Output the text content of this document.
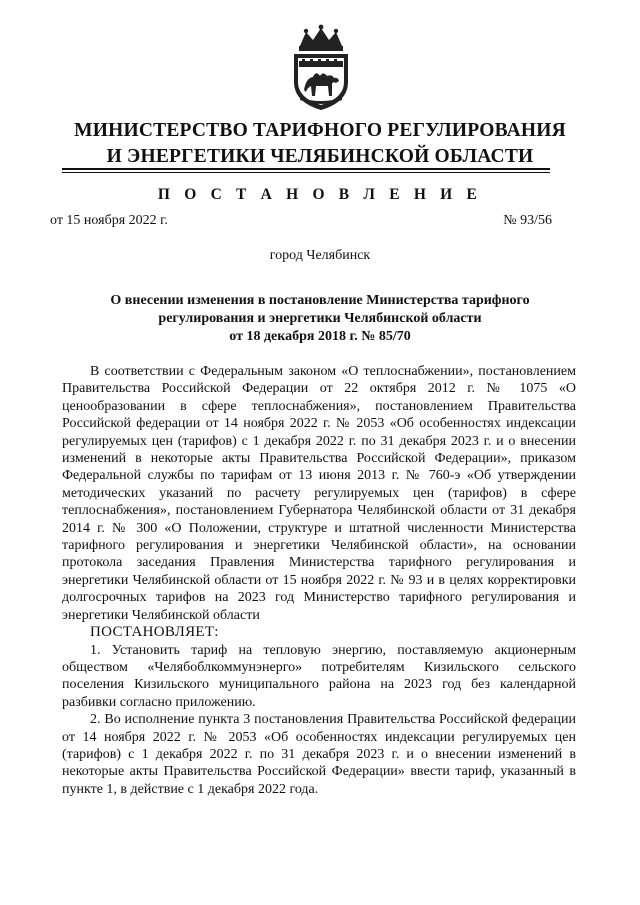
МИНИСТЕРСТВО ТАРИФНОГО РЕГУЛИРОВАНИЯ
И ЭНЕРГЕТИКИ ЧЕЛЯБИНСКОЙ ОБЛАСТИ
П О С Т А Н О В Л Е Н И Е
от 15 ноября 2022 г.	№ 93/56
город Челябинск
О внесении изменения в постановление Министерства тарифного
регулирования и энергетики Челябинской области
от 18 декабря 2018 г. № 85/70

В соответствии с Федеральным законом «О теплоснабжении», постановлением Правительства Российской Федерации от 22 октября 2012 г. № 1075 «О ценообразовании в сфере теплоснабжения», постановлением Правительства Российской федерации от 14 ноября 2022 г. № 2053 «Об особенностях индексации регулируемых цен (тарифов) с 1 декабря 2022 г. по 31 декабря 2023 г. и о внесении изменений в некоторые акты Правительства Российской Федерации», приказом Федеральной службы по тарифам от 13 июня 2013 г. № 760-э «Об утверждении методических указаний по расчету регулируемых цен (тарифов) в сфере теплоснабжения», постановлением Губернатора Челябинской области от 31 декабря 2014 г. № 300 «О Положении, структуре и штатной численности Министерства тарифного регулирования и энергетики Челябинской области», на основании протокола заседания Правления Министерства тарифного регулирования и энергетики Челябинской области от 15 ноября 2022 г. № 93 и в целях корректировки долгосрочных тарифов на 2023 год Министерство тарифного регулирования и энергетики Челябинской области

ПОСТАНОВЛЯЕТ:

1. Установить тариф на тепловую энергию, поставляемую акционерным обществом «Челябоблкоммунэнерго» потребителям Кизильского сельского поселения Кизильского муниципального района на 2023 год без календарной разбивки согласно приложению.

2. Во исполнение пункта 3 постановления Правительства Российской федерации от 14 ноября 2022 г. № 2053 «Об особенностях индексации регулируемых цен (тарифов) с 1 декабря 2022 г. по 31 декабря 2023 г. и о внесении изменений в некоторые акты Правительства Российской Федерации» ввести тариф, указанный в пункте 1, в действие с 1 декабря 2022 года.
